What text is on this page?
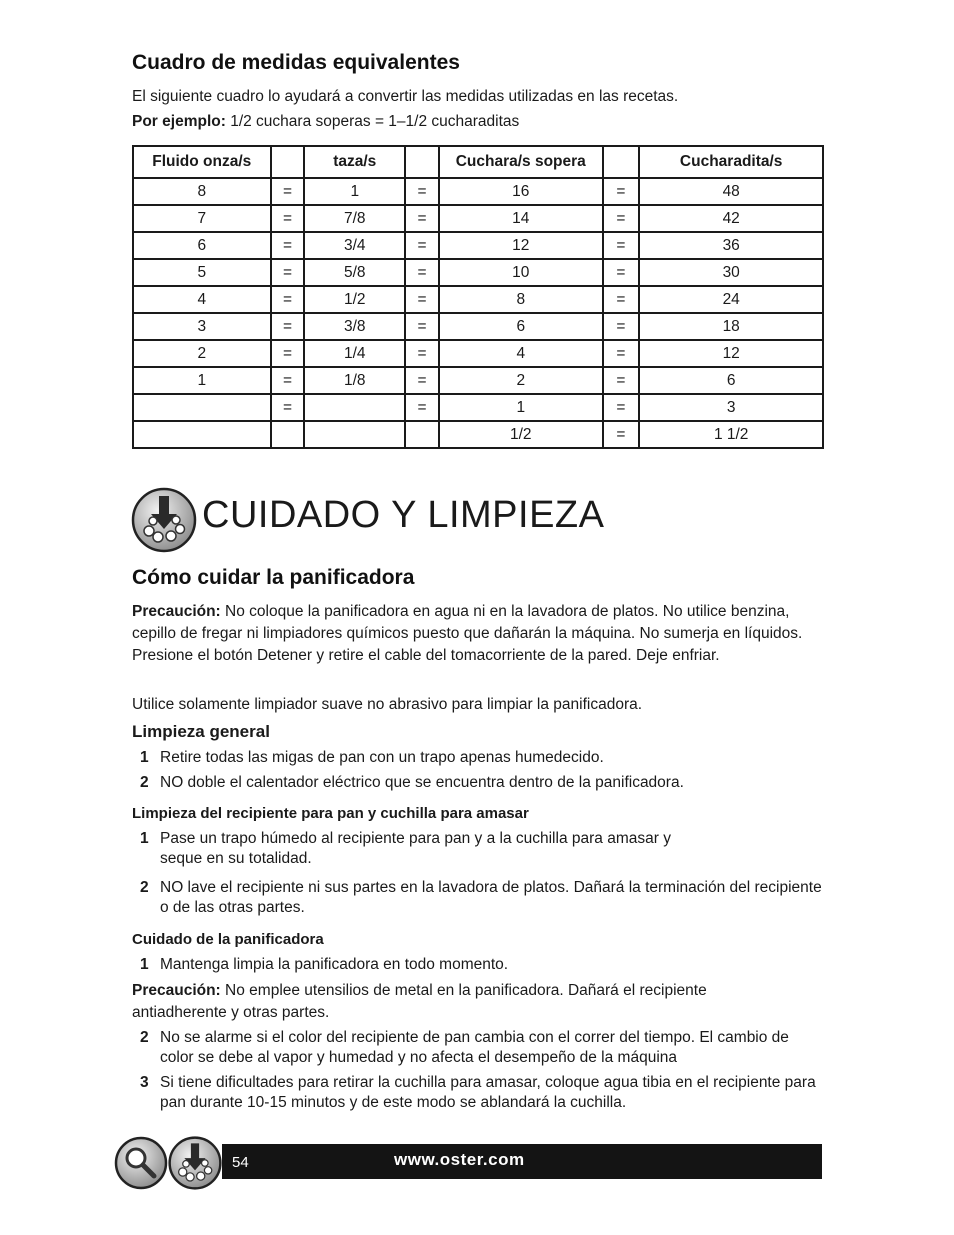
Cuadro de medidas equivalentes

El siguiente cuadro lo ayudará a convertir las medidas utilizadas en las recetas.

Por ejemplo: 1/2 cuchara soperas = 1–1/2 cucharaditas

Fluido onza/s		taza/s		Cuchara/s sopera		Cucharadita/s
8	=	1	=	16	=	48
7	=	7/8	=	14	=	42
6	=	3/4	=	12	=	36
5	=	5/8	=	10	=	30
4	=	1/2	=	8	=	24
3	=	3/8	=	6	=	18
2	=	1/4	=	4	=	12
1	=	1/8	=	2	=	6
	=		=	1	=	3
				1/2	=	1 1/2
CUIDADO Y LIMPIEZA
Cómo cuidar la panificadora

Precaución: No coloque la panificadora en agua ni en la lavadora de platos. No utilice benzina, cepillo de fregar ni limpiadores químicos puesto que dañarán la máquina. No sumerja en líquidos. Presione el botón Detener y retire el cable del tomacorriente de la pared. Deje enfriar.

Utilice solamente limpiador suave no abrasivo para limpiar la panificadora.

Limpieza general
1 Retire todas las migas de pan con un trapo apenas humedecido.
2 NO doble el calentador eléctrico que se encuentra dentro de la panificadora.
Limpieza del recipiente para pan y cuchilla para amasar
1 Pase un trapo húmedo al recipiente para pan y a la cuchilla para amasar y seque en su totalidad.
2 NO lave el recipiente ni sus partes en la lavadora de platos. Dañará la terminación del recipiente o de las otras partes.
Cuidado de la panificadora
1 Mantenga limpia la panificadora en todo momento.

Precaución: No emplee utensilios de metal en la panificadora. Dañará el recipiente antiadherente y otras partes.

2 No se alarme si el color del recipiente de pan cambia con el correr del tiempo. El cambio de color se debe al vapor y humedad y no afecta el desempeño de la máquina
3 Si tiene dificultades para retirar la cuchilla para amasar, coloque agua tibia en el recipiente para pan durante 10-15 minutos y de este modo se ablandará la cuchilla.
54	www.oster.com
